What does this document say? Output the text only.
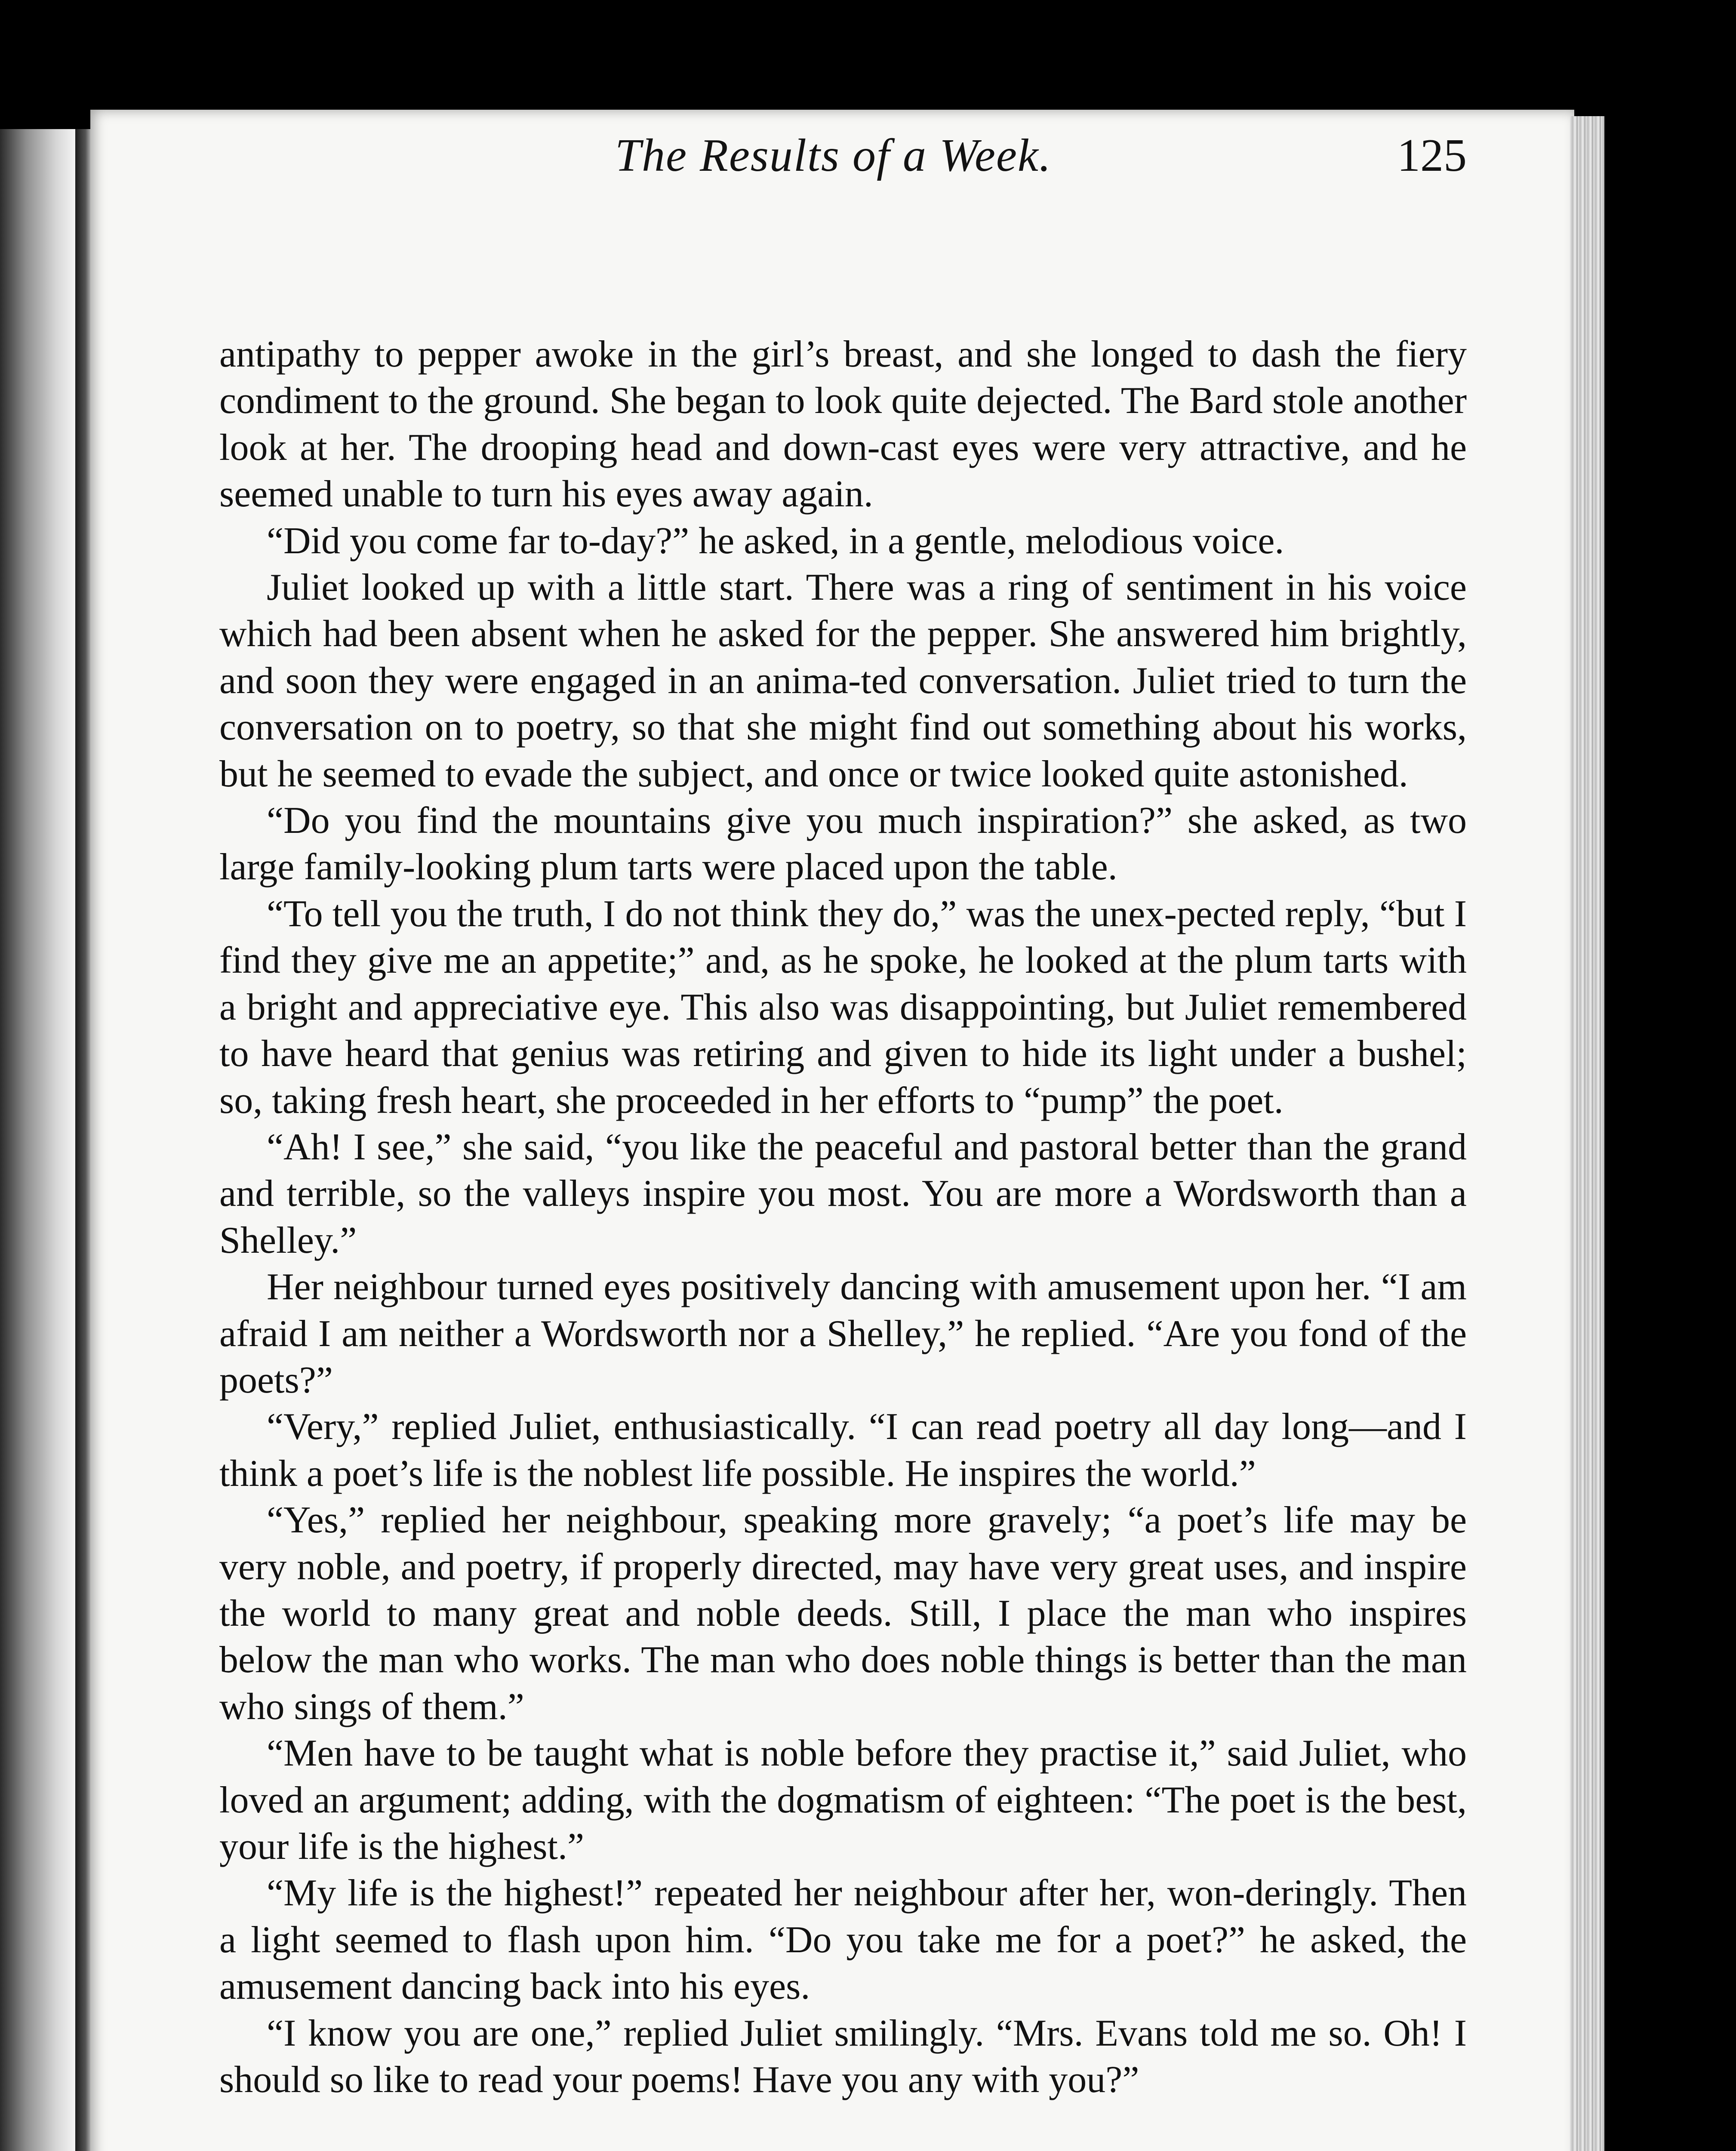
The Results of a Week.	125

antipathy to pepper awoke in the girl’s breast, and she longed to dash the fiery condiment to the ground. She began to look quite dejected. The Bard stole another look at her. The drooping head and down-cast eyes were very attractive, and he seemed unable to turn his eyes away again.

“Did you come far to-day?” he asked, in a gentle, melodious voice.

Juliet looked up with a little start. There was a ring of sentiment in his voice which had been absent when he asked for the pepper. She answered him brightly, and soon they were engaged in an anima-ted conversation. Juliet tried to turn the conversation on to poetry, so that she might find out something about his works, but he seemed to evade the subject, and once or twice looked quite astonished.

“Do you find the mountains give you much inspiration?” she asked, as two large family-looking plum tarts were placed upon the table.

“To tell you the truth, I do not think they do,” was the unex-pected reply, “but I find they give me an appetite;” and, as he spoke, he looked at the plum tarts with a bright and appreciative eye. This also was disappointing, but Juliet remembered to have heard that genius was retiring and given to hide its light under a bushel; so, taking fresh heart, she proceeded in her efforts to “pump” the poet.

“Ah! I see,” she said, “you like the peaceful and pastoral better than the grand and terrible, so the valleys inspire you most. You are more a Wordsworth than a Shelley.”

Her neighbour turned eyes positively dancing with amusement upon her. “I am afraid I am neither a Wordsworth nor a Shelley,” he replied. “Are you fond of the poets?”

“Very,” replied Juliet, enthusiastically. “I can read poetry all day long—and I think a poet’s life is the noblest life possible. He inspires the world.”

“Yes,” replied her neighbour, speaking more gravely; “a poet’s life may be very noble, and poetry, if properly directed, may have very great uses, and inspire the world to many great and noble deeds. Still, I place the man who inspires below the man who works. The man who does noble things is better than the man who sings of them.”

“Men have to be taught what is noble before they practise it,” said Juliet, who loved an argument; adding, with the dogmatism of eighteen: “The poet is the best, your life is the highest.”

“My life is the highest!” repeated her neighbour after her, won-deringly. Then a light seemed to flash upon him. “Do you take me for a poet?” he asked, the amusement dancing back into his eyes.

“I know you are one,” replied Juliet smilingly. “Mrs. Evans told me so. Oh! I should so like to read your poems! Have you any with you?”
